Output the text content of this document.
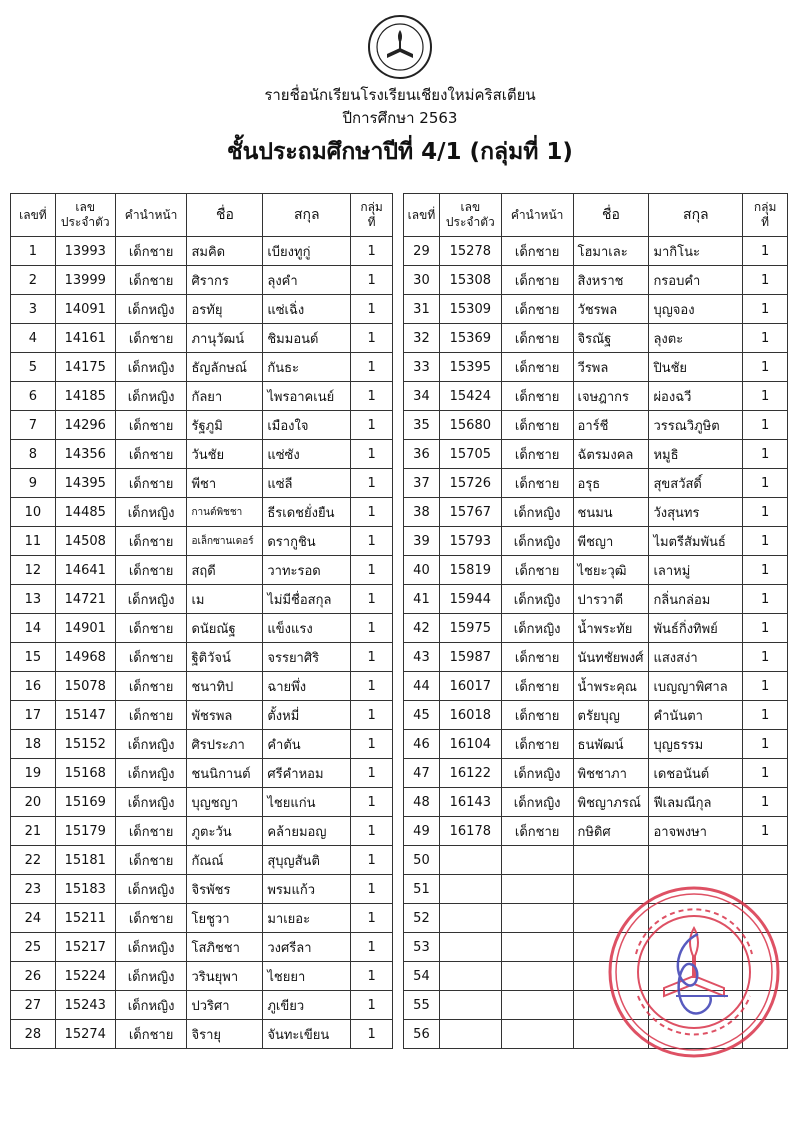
รายชื่อนักเรียนโรงเรียนเชียงใหม่คริสเตียน
ปีการศึกษา 2563
ชั้นประถมศึกษาปีที่ 4/1 (กลุ่มที่ 1)
เลขที่	เลข
ประจำตัว	คำนำหน้า	ชื่อ	สกุล	กลุ่ม
ที่
1	13993	เด็กชาย	สมคิด	เบียงทูกู่	1
2	13999	เด็กชาย	ศิรากร	ลุงคำ	1
3	14091	เด็กหญิง	อรทัยุ	แซ่เฉิ่ง	1
4	14161	เด็กชาย	ภานุวัฒน์	ชิมมอนด์	1
5	14175	เด็กหญิง	ธัญลักษณ์	กันธะ	1
6	14185	เด็กหญิง	กัลยา	ไพรอาคเนย์	1
7	14296	เด็กชาย	รัฐภูมิ	เมืองใจ	1
8	14356	เด็กชาย	วันชัย	แซ่ซัง	1
9	14395	เด็กชาย	พีชา	แซ่ลี	1
10	14485	เด็กหญิง	กานต์พิชชา	ธีรเดชยั่งยืน	1
11	14508	เด็กชาย	อเล็กซานเดอร์	ดรากูชิน	1
12	14641	เด็กชาย	สฤดี	วาทะรอด	1
13	14721	เด็กหญิง	เม	ไม่มีชื่อสกุล	1
14	14901	เด็กชาย	ดนัยณัฐ	แข็งแรง	1
15	14968	เด็กชาย	ฐิติวัจน์	จรรยาศิริ	1
16	15078	เด็กชาย	ชนาทิป	ฉายพึ่ง	1
17	15147	เด็กชาย	พัชรพล	ตั้งหมี่	1
18	15152	เด็กหญิง	ศิรประภา	คำตัน	1
19	15168	เด็กหญิง	ชนนิกานต์	ศรีคำหอม	1
20	15169	เด็กหญิง	บุญชญา	ไชยแก่น	1
21	15179	เด็กชาย	ภูตะวัน	คล้ายมอญ	1
22	15181	เด็กชาย	กัณณ์	สุบุญสันติ	1
23	15183	เด็กหญิง	จิรพัชร	พรมแก้ว	1
24	15211	เด็กชาย	โยชูวา	มาเยอะ	1
25	15217	เด็กหญิง	โสภิชชา	วงศรีลา	1
26	15224	เด็กหญิง	วรินยุพา	ไชยยา	1
27	15243	เด็กหญิง	ปวริศา	ภูเขียว	1
28	15274	เด็กชาย	จิรายุ	จันทะเขียน	1
เลขที่	เลข
ประจำตัว	คำนำหน้า	ชื่อ	สกุล	กลุ่ม
ที่
29	15278	เด็กชาย	โฮมาเละ	มากิโนะ	1
30	15308	เด็กชาย	สิงหราช	กรอบคำ	1
31	15309	เด็กชาย	วัชรพล	บุญจอง	1
32	15369	เด็กชาย	จิรณัฐ	ลุงตะ	1
33	15395	เด็กชาย	วีรพล	ปินชัย	1
34	15424	เด็กชาย	เจษฎากร	ผ่องฉวี	1
35	15680	เด็กชาย	อาร์ชี	วรรณวิภูษิต	1
36	15705	เด็กชาย	ฉัตรมงคล	หมูธิ	1
37	15726	เด็กชาย	อรุธ	สุขสวัสดิ์	1
38	15767	เด็กหญิง	ชนมน	วังสุนทร	1
39	15793	เด็กหญิง	พีชญา	ไมตรีสัมพันธ์	1
40	15819	เด็กชาย	ไชยะวุฒิ	เลาหมู่	1
41	15944	เด็กหญิง	ปารวาตี	กลิ่นกล่อม	1
42	15975	เด็กหญิง	น้ำพระทัย	พันธ์กิ่งทิพย์	1
43	15987	เด็กชาย	นันทชัยพงศ์	แสงสง่า	1
44	16017	เด็กชาย	น้ำพระคุณ	เบญญาพิศาล	1
45	16018	เด็กชาย	ตรัยบุญ	คำนันตา	1
46	16104	เด็กชาย	ธนพัฒน์	บุญธรรม	1
47	16122	เด็กหญิง	พิชชาภา	เดชอนันต์	1
48	16143	เด็กหญิง	พิชญาภรณ์	ฟีเลมณีกุล	1
49	16178	เด็กชาย	กษิดิศ	อาจพงษา	1
50					
51					
52					
53					
54					
55					
56					
